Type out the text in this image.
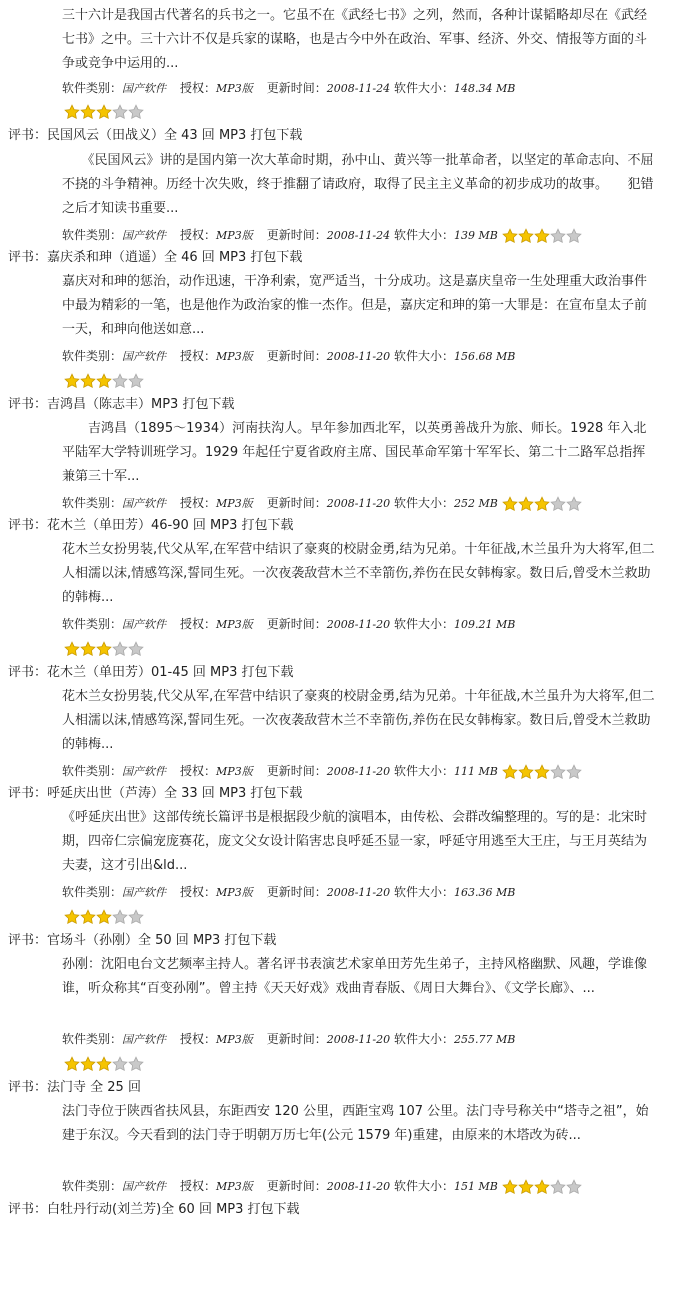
三十六计是我国古代著名的兵书之一。它虽不在《武经七书》之列，然而，各种计谋韬略却尽在《武经七书》之中。三十六计不仅是兵家的谋略，也是古今中外在政治、军事、经济、外交、情报等方面的斗争或竞争中运用的...
软件类别：国产软件 授权：MP3版 更新时间：2008-11-24 软件大小：148.34 MB
评书：民国风云（田战义）全 43 回 MP3 打包下载
　　《民国风云》讲的是国内第一次大革命时期，孙中山、黄兴等一批革命者，以坚定的革命志向、不屈不挠的斗争精神。历经十次失败，终于推翻了请政府，取得了民主主义革命的初步成功的故事。　　犯错之后才知读书重要...
软件类别：国产软件 授权：MP3版 更新时间：2008-11-24 软件大小：139 MB
评书：嘉庆杀和珅（逍遥）全 46 回 MP3 打包下载
嘉庆对和珅的惩治，动作迅速，干净利索，宽严适当，十分成功。这是嘉庆皇帝一生处理重大政治事件中最为精彩的一笔，也是他作为政治家的惟一杰作。但是，嘉庆定和珅的第一大罪是：在宣布皇太子前一天，和珅向他送如意...
软件类别：国产软件 授权：MP3版 更新时间：2008-11-20 软件大小：156.68 MB
评书：吉鸿昌（陈志丰）MP3 打包下载
　　吉鸿昌（1895～1934）河南扶沟人。早年参加西北军，以英勇善战升为旅、师长。1928 年入北平陆军大学特训班学习。1929 年起任宁夏省政府主席、国民革命军第十军军长、第二十二路军总指挥兼第三十军...
软件类别：国产软件 授权：MP3版 更新时间：2008-11-20 软件大小：252 MB
评书：花木兰（单田芳）46-90 回 MP3 打包下载
花木兰女扮男装,代父从军,在军营中结识了豪爽的校尉金勇,结为兄弟。十年征战,木兰虽升为大将军,但二人相濡以沫,情感笃深,誓同生死。一次夜袭敌营木兰不幸箭伤,养伤在民女韩梅家。数日后,曾受木兰救助的韩梅...
软件类别：国产软件 授权：MP3版 更新时间：2008-11-20 软件大小：109.21 MB
评书：花木兰（单田芳）01-45 回 MP3 打包下载
花木兰女扮男装,代父从军,在军营中结识了豪爽的校尉金勇,结为兄弟。十年征战,木兰虽升为大将军,但二人相濡以沫,情感笃深,誓同生死。一次夜袭敌营木兰不幸箭伤,养伤在民女韩梅家。数日后,曾受木兰救助的韩梅...
软件类别：国产软件 授权：MP3版 更新时间：2008-11-20 软件大小：111 MB
评书：呼延庆出世（芦涛）全 33 回 MP3 打包下载
《呼延庆出世》这部传统长篇评书是根据段少航的演唱本，由传松、会群改编整理的。写的是：北宋时期，四帝仁宗偏宠庞赛花，庞文父女设计陷害忠良呼延丕显一家，呼延守用逃至大王庄，与王月英结为夫妻，这才引出&ld...
软件类别：国产软件 授权：MP3版 更新时间：2008-11-20 软件大小：163.36 MB
评书：官场斗（孙刚）全 50 回 MP3 打包下载
孙刚：沈阳电台文艺频率主持人。著名评书表演艺术家单田芳先生弟子，主持风格幽默、风趣，学谁像谁，听众称其“百变孙刚”。曾主持《天天好戏》戏曲青春版、《周日大舞台》、《文学长廊》、...
软件类别：国产软件 授权：MP3版 更新时间：2008-11-20 软件大小：255.77 MB
评书：法门寺 全 25 回
法门寺位于陕西省扶风县，东距西安 120 公里，西距宝鸡 107 公里。法门寺号称关中“塔寺之祖”，始建于东汉。今天看到的法门寺于明朝万历七年(公元 1579 年)重建，由原来的木塔改为砖...
软件类别：国产软件 授权：MP3版 更新时间：2008-11-20 软件大小：151 MB
评书：白牡丹行动(刘兰芳)全 60 回 MP3 打包下载
